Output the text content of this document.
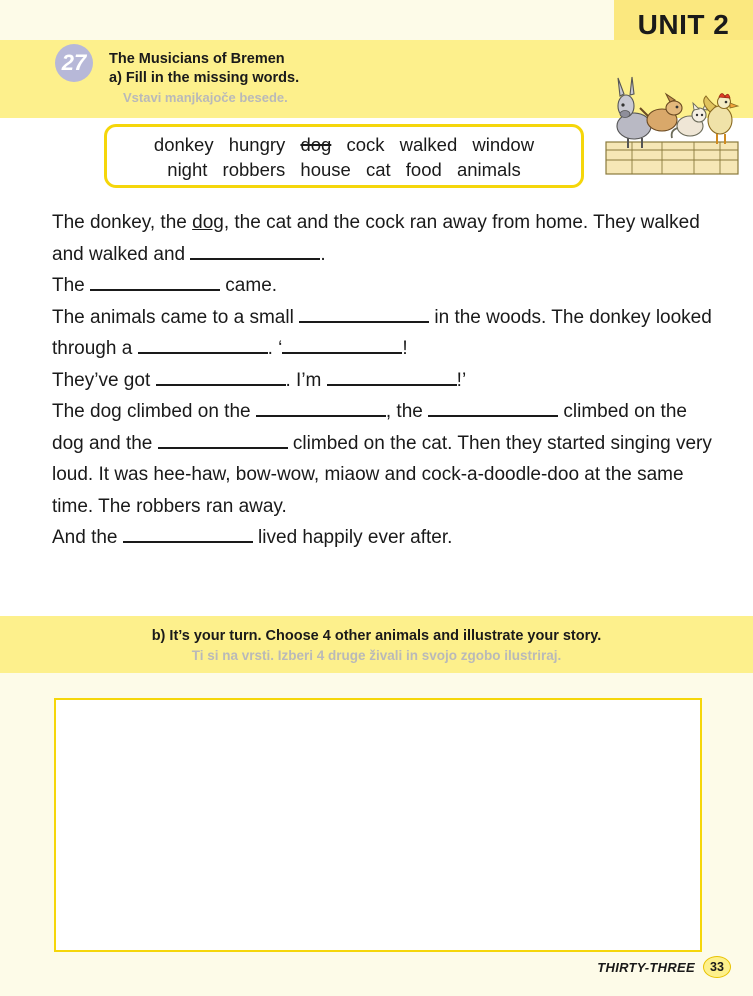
UNIT 2
27 The Musicians of Bremen
a) Fill in the missing words.
Vstavi manjkajoče besede.
donkey hungry dog cock walked window
night robbers house cat food animals

The donkey, the dog, the cat and the cock ran away from home. They walked and walked and	.

The	came.

The animals came to a small	in the woods. The donkey looked through a	. ‘	!

They’ve got	. I’m	!’

The dog climbed on the	, the	climbed on the dog and the	climbed on the cat. Then they started singing very loud. It was hee-haw, bow-wow, miaow and cock-a-doodle-doo at the same time. The robbers ran away.

And the	lived happily ever after.

b) It’s your turn. Choose 4 other animals and illustrate your story.
Ti si na vrsti. Izberi 4 druge živali in svojo zgobo ilustriraj.
THIRTY-THREE	33
